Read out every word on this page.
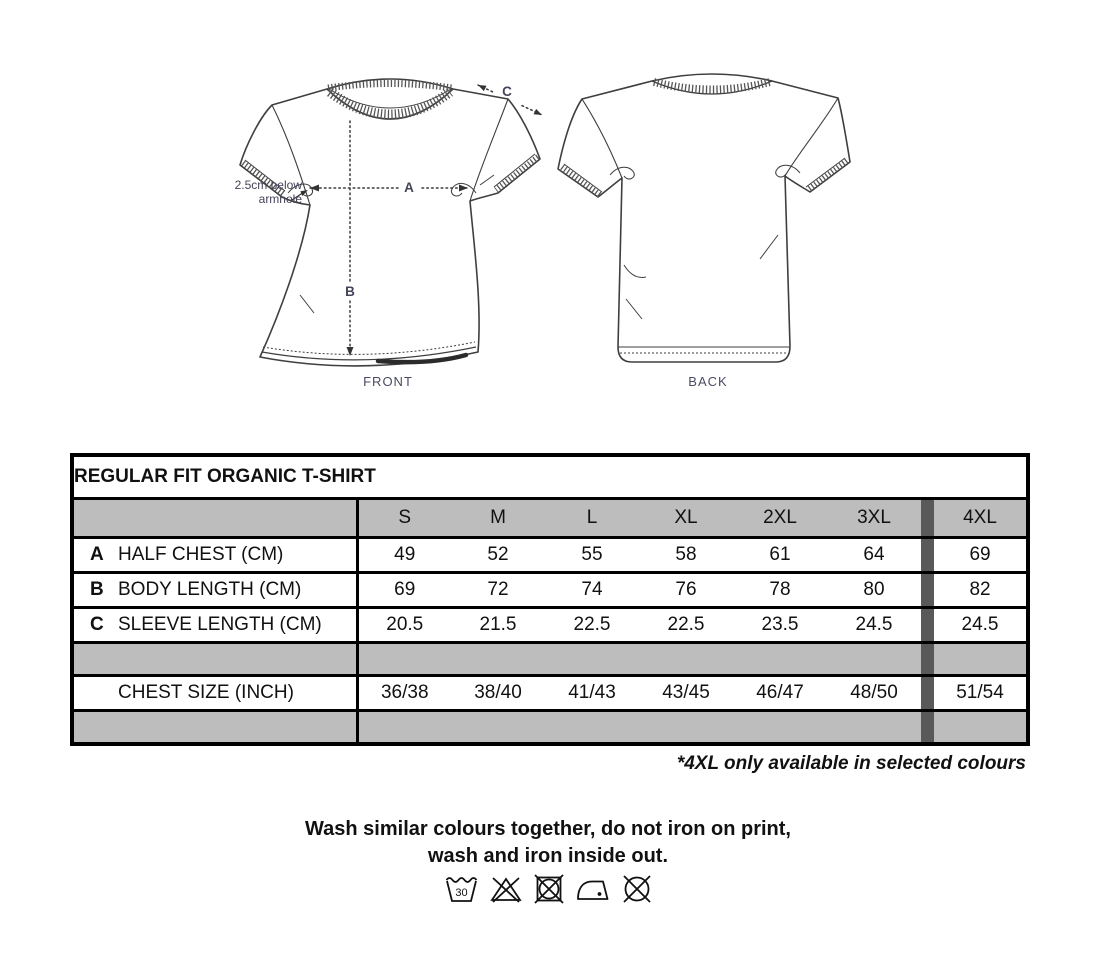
2.5cm below
armhole
A
B
C
FRONT	BACK
REGULAR FIT ORGANIC T-SHIRT								
	S	M	L	XL	2XL	3XL		4XL
A HALF CHEST (CM)	49	52	55	58	61	64		69
B BODY LENGTH (CM)	69	72	74	76	78	80		82
C SLEEVE LENGTH (CM)	20.5	21.5	22.5	22.5	23.5	24.5		24.5

CHEST SIZE (INCH)	36/38	38/40	41/43	43/45	46/47	48/50		51/54

*4XL only available in selected colours
Wash similar colours together, do not iron on print,
wash and iron inside out.
30
